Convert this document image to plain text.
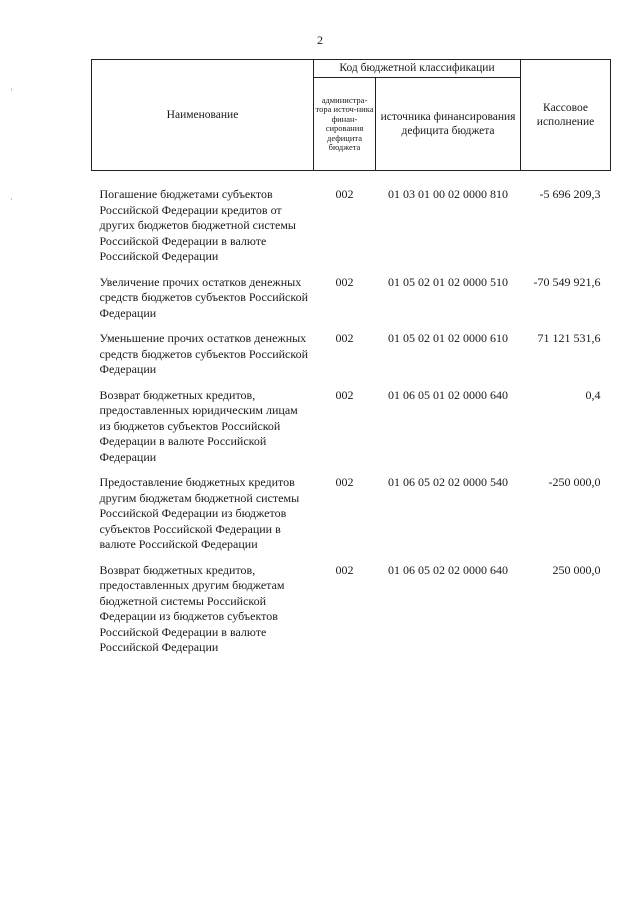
2
Наименование	Код бюджетной классификации		Кассовое исполнение
	администра-тора источ-ника финан-сирования дефицита бюджета	источника финансирования дефицита бюджета	

Погашение бюджетами субъектов Российской Федерации кредитов от других бюджетов бюджетной системы Российской Федерации в валюте Российской Федерации	002	01 03 01 00 02 0000 810	-5 696 209,3
Увеличение прочих остатков денежных средств бюджетов субъектов Российской Федерации	002	01 05 02 01 02 0000 510	-70 549 921,6
Уменьшение прочих остатков денежных средств бюджетов субъектов Российской Федерации	002	01 05 02 01 02 0000 610	71 121 531,6
Возврат бюджетных кредитов, предоставленных юридическим лицам из бюджетов субъектов Российской Федерации в валюте Российской Федерации	002	01 06 05 01 02 0000 640	0,4
Предоставление бюджетных кредитов другим бюджетам бюджетной системы Российской Федерации из бюджетов субъектов Российской Федерации в валюте Российской Федерации	002	01 06 05 02 02 0000 540	-250 000,0
Возврат бюджетных кредитов, предоставленных другим бюджетам бюджетной системы Российской Федерации из бюджетов субъектов Российской Федерации в валюте Российской Федерации	002	01 06 05 02 02 0000 640	250 000,0
